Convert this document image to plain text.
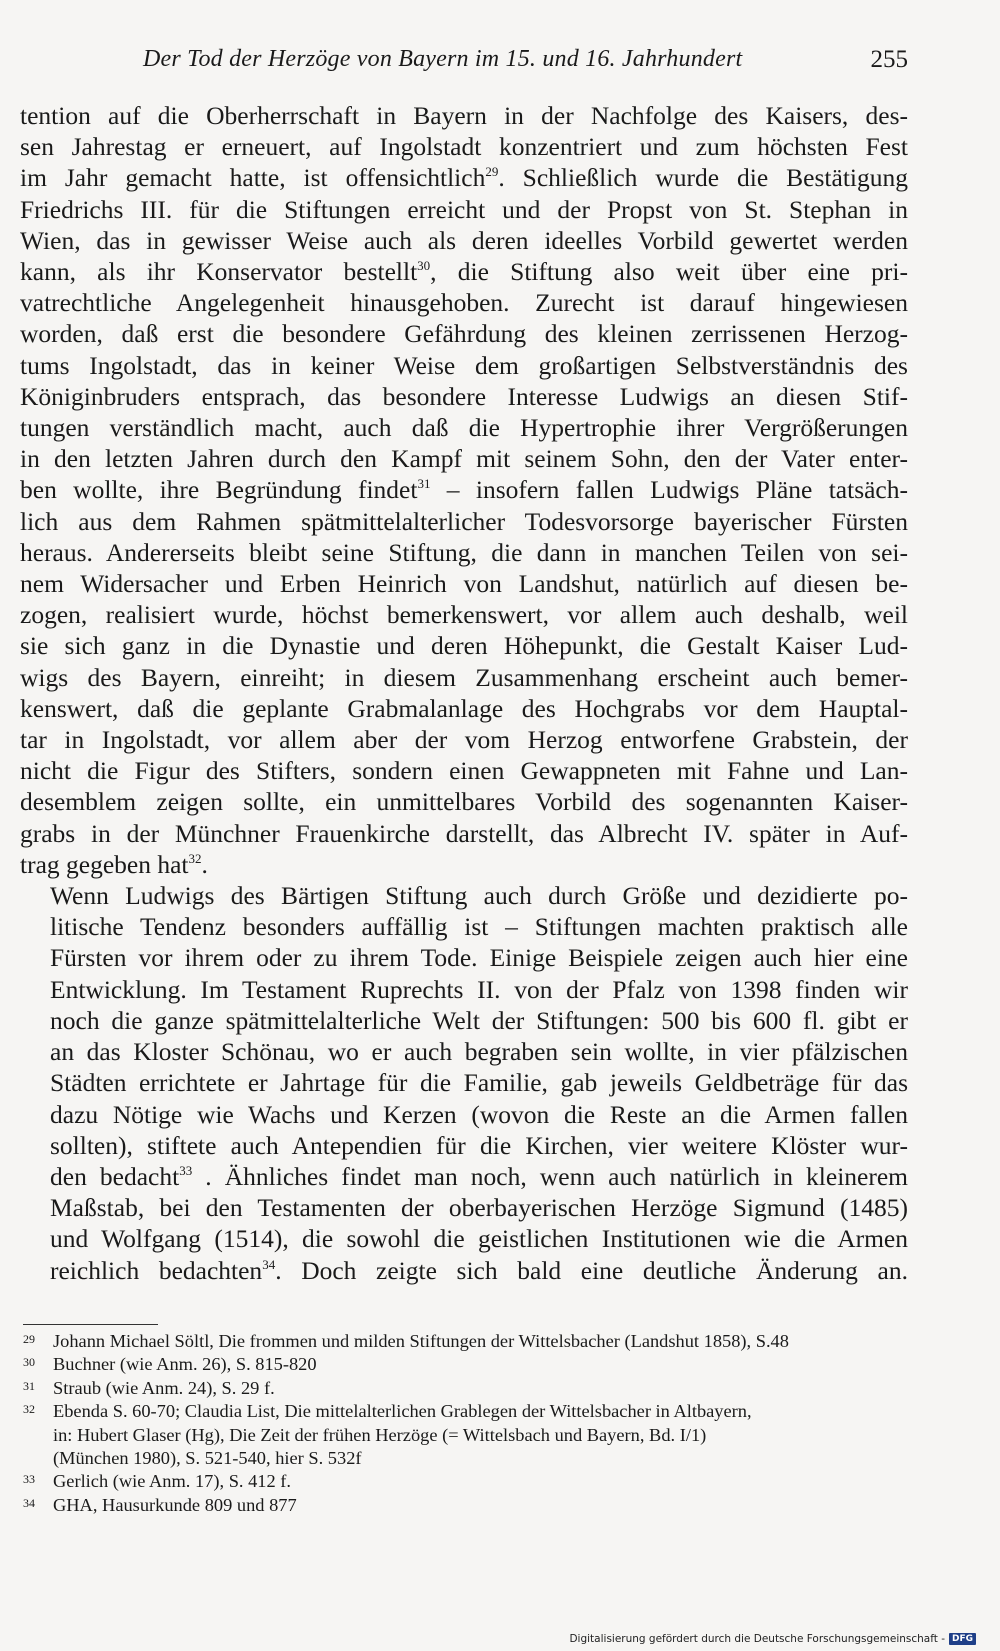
Der Tod der Herzöge von Bayern im 15. und 16. Jahrhundert	255

tention auf die Oberherrschaft in Bayern in der Nachfolge des Kaisers, des-
sen Jahrestag er erneuert, auf Ingolstadt konzentriert und zum höchsten Fest
im Jahr gemacht hatte, ist offensichtlich$^{29}$. Schließlich wurde die Bestätigung
Friedrichs III. für die Stiftungen erreicht und der Propst von St. Stephan in
Wien, das in gewisser Weise auch als deren ideelles Vorbild gewertet werden
kann, als ihr Konservator bestellt$^{30}$, die Stiftung also weit über eine pri-
vatrechtliche Angelegenheit hinausgehoben. Zurecht ist darauf hingewiesen
worden, daß erst die besondere Gefährdung des kleinen zerrissenen Herzog-
tums Ingolstadt, das in keiner Weise dem großartigen Selbstverständnis des
Königinbruders entsprach, das besondere Interesse Ludwigs an diesen Stif-
tungen verständlich macht, auch daß die Hypertrophie ihrer Vergrößerungen
in den letzten Jahren durch den Kampf mit seinem Sohn, den der Vater enter-
ben wollte, ihre Begründung findet$^{31}$ – insofern fallen Ludwigs Pläne tatsäch-
lich aus dem Rahmen spätmittelalterlicher Todesvorsorge bayerischer Fürsten
heraus. Andererseits bleibt seine Stiftung, die dann in manchen Teilen von sei-
nem Widersacher und Erben Heinrich von Landshut, natürlich auf diesen be-
zogen, realisiert wurde, höchst bemerkenswert, vor allem auch deshalb, weil
sie sich ganz in die Dynastie und deren Höhepunkt, die Gestalt Kaiser Lud-
wigs des Bayern, einreiht; in diesem Zusammenhang erscheint auch bemer-
kenswert, daß die geplante Grabmalanlage des Hochgrabs vor dem Hauptal-
tar in Ingolstadt, vor allem aber der vom Herzog entworfene Grabstein, der
nicht die Figur des Stifters, sondern einen Gewappneten mit Fahne und Lan-
desemblem zeigen sollte, ein unmittelbares Vorbild des sogenannten Kaiser-
grabs in der Münchner Frauenkirche darstellt, das Albrecht IV. später in Auf-
trag gegeben hat$^{32}$.

Wenn Ludwigs des Bärtigen Stiftung auch durch Größe und dezidierte po-
litische Tendenz besonders auffällig ist – Stiftungen machten praktisch alle
Fürsten vor ihrem oder zu ihrem Tode. Einige Beispiele zeigen auch hier eine
Entwicklung. Im Testament Ruprechts II. von der Pfalz von 1398 finden wir
noch die ganze spätmittelalterliche Welt der Stiftungen: 500 bis 600 fl. gibt er
an das Kloster Schönau, wo er auch begraben sein wollte, in vier pfälzischen
Städten errichtete er Jahrtage für die Familie, gab jeweils Geldbeträge für das
dazu Nötige wie Wachs und Kerzen (wovon die Reste an die Armen fallen
sollten), stiftete auch Antependien für die Kirchen, vier weitere Klöster wur-
den bedacht$^{33}$ . Ähnliches findet man noch, wenn auch natürlich in kleinerem
Maßstab, bei den Testamenten der oberbayerischen Herzöge Sigmund (1485)
und Wolfgang (1514), die sowohl die geistlichen Institutionen wie die Armen
reichlich bedachten$^{34}$. Doch zeigte sich bald eine deutliche Änderung an.

29 Johann Michael Söltl, Die frommen und milden Stiftungen der Wittelsbacher (Landshut 1858), S.48
30 Buchner (wie Anm. 26), S. 815-820
31 Straub (wie Anm. 24), S. 29 f.
32 Ebenda S. 60-70; Claudia List, Die mittelalterlichen Grablegen der Wittelsbacher in Altbayern,
in: Hubert Glaser (Hg), Die Zeit der frühen Herzöge (= Wittelsbach und Bayern, Bd. I/1)
(München 1980), S. 521-540, hier S. 532f
33 Gerlich (wie Anm. 17), S. 412 f.
34 GHA, Hausurkunde 809 und 877
Digitalisierung gefördert durch die Deutsche Forschungsgemeinschaft - DFG
